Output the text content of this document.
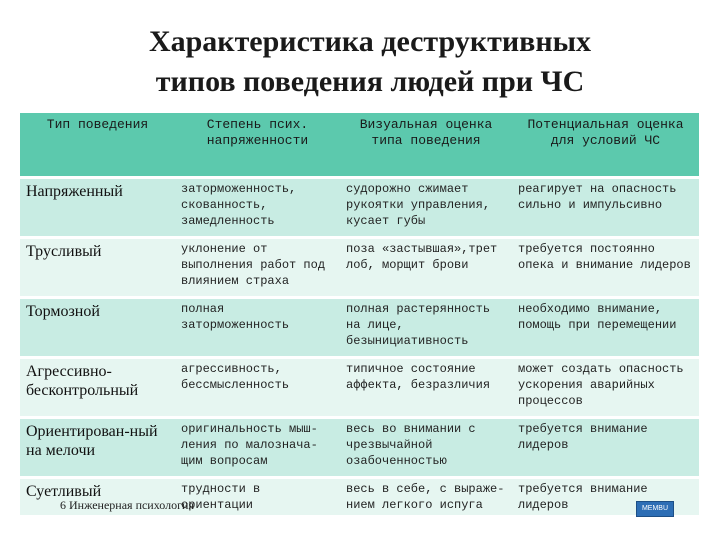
Характеристика деструктивных
типов поведения людей при ЧС
Тип поведения	Степень псих. напряженности	Визуальная оценка типа поведения	Потенциальная оценка для условий ЧС
Напряженный	заторможенность, скованность, замедленность	судорожно сжимает рукоятки управления, кусает губы	реагирует на опасность сильно и импульсивно
Трусливый	уклонение от выполнения работ под влиянием страха	поза «застывшая»,трет лоб, морщит брови	требуется постоянно опека и внимание лидеров
Тормозной	полная заторможенность	полная растерянность на лице, безынициативность	необходимо внимание, помощь при перемещении
Агрессивно-бесконтрольный	агрессивность, бессмысленность	типичное состояние аффекта, безразличия	может создать опасность ускорения аварийных процессов
Ориентирован-ный на мелочи	оригинальность мыш-ления по малознача-щим вопросам	весь во внимании с чрезвычайной озабоченностью	требуется внимание лидеров
Суетливый	трудности в ориентации	весь в себе, с выраже-нием легкого испуга	требуется внимание лидеров
6 Инженерная психология	MEMBU
